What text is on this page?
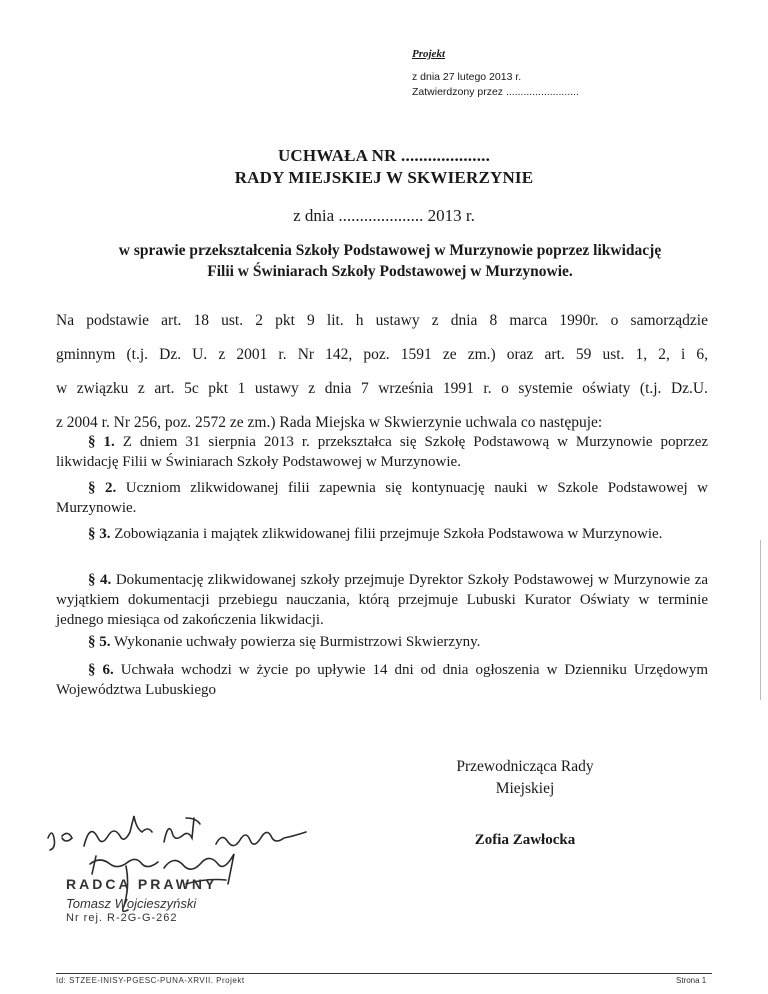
Projekt
z dnia 27 lutego 2013 r.
Zatwierdzony przez .........................
UCHWAŁA NR ....................
RADY MIEJSKIEJ W SKWIERZYNIE
z dnia .................... 2013 r.
w sprawie przekształcenia Szkoły Podstawowej w Murzynowie poprzez likwidację
Filii w Świniarach Szkoły Podstawowej w Murzynowie.

Na podstawie art. 18 ust. 2 pkt 9 lit. h ustawy z dnia 8 marca 1990r. o samorządzie

gminnym (t.j. Dz. U. z 2001 r. Nr 142, poz. 1591 ze zm.) oraz art. 59 ust. 1, 2, i 6,

w związku z art. 5c pkt 1 ustawy z dnia 7 września 1991 r. o systemie oświaty (t.j. Dz.U.

z 2004 r. Nr 256, poz. 2572 ze zm.) Rada Miejska w Skwierzynie uchwala co następuje:

§ 1. Z dniem 31 sierpnia 2013 r. przekształca się Szkołę Podstawową w Murzynowie poprzez likwidację Filii w Świniarach Szkoły Podstawowej w Murzynowie.
§ 2. Uczniom zlikwidowanej filii zapewnia się kontynuację nauki w Szkole Podstawowej w Murzynowie.
§ 3. Zobowiązania i majątek zlikwidowanej filii przejmuje Szkoła Podstawowa w Murzynowie.
§ 4. Dokumentację zlikwidowanej szkoły przejmuje Dyrektor Szkoły Podstawowej w Murzynowie za wyjątkiem dokumentacji przebiegu nauczania, którą przejmuje Lubuski Kurator Oświaty w terminie jednego miesiąca od zakończenia likwidacji.
§ 5. Wykonanie uchwały powierza się Burmistrzowi Skwierzyny.
§ 6. Uchwała wchodzi w życie po upływie 14 dni od dnia ogłoszenia w Dzienniku Urzędowym Województwa Lubuskiego
Przewodnicząca Rady
Miejskiej
Zofia Zawłocka
RADCA PRAWNY
Tomasz Wojcieszyński
Nr rej. R-2G-G-262
Id: STZEE-INISY-PGESC-PUNA-XRVII. Projekt	Strona 1
